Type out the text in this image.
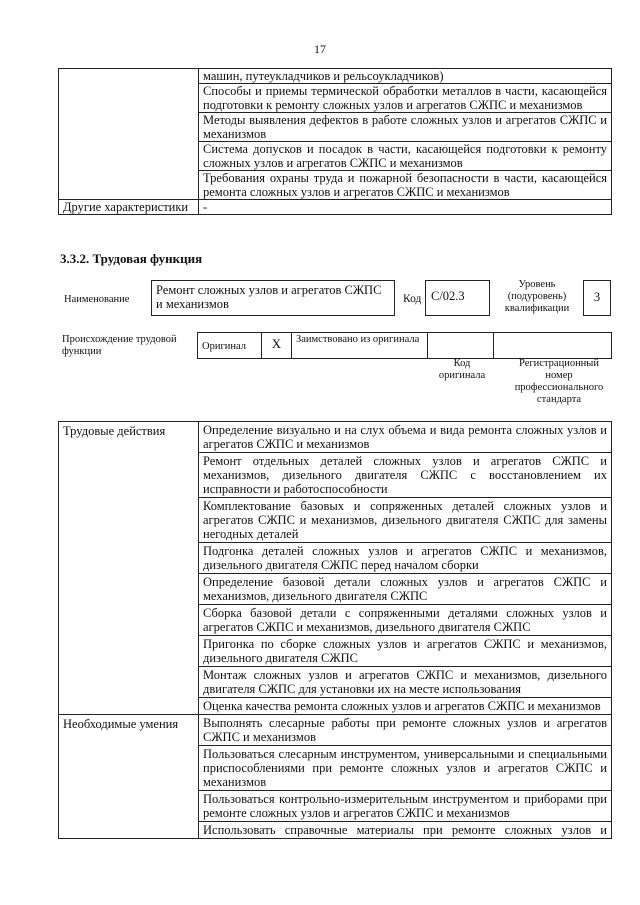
17
	машин, путеукладчиков и рельсоукладчиков)
	Способы и приемы термической обработки металлов в части, касающейся подготовки к ремонту сложных узлов и агрегатов СЖПС и механизмов
	Методы выявления дефектов в работе сложных узлов и агрегатов СЖПС и механизмов
	Система допусков и посадок в части, касающейся подготовки к ремонту сложных узлов и агрегатов СЖПС и механизмов
	Требования охраны труда и пожарной безопасности в части, касающейся ремонта сложных узлов и агрегатов СЖПС и механизмов
Другие характеристики	-
3.3.2. Трудовая функция
Наименование
Ремонт сложных узлов и агрегатов СЖПС и механизмов	Код С/02.3
Уровень (подуровень) квалификации
3
Происхождение трудовой функции	Оригинал	X	Заимствовано из оригинала		
Код оригинала
Регистрационный номер профессионального стандарта
Трудовые действия	Определение визуально и на слух объема и вида ремонта сложных узлов и агрегатов СЖПС и механизмов
	Ремонт отдельных деталей сложных узлов и агрегатов СЖПС и механизмов, дизельного двигателя СЖПС с восстановлением их исправности и работоспособности
	Комплектование базовых и сопряженных деталей сложных узлов и агрегатов СЖПС и механизмов, дизельного двигателя СЖПС для замены негодных деталей
	Подгонка деталей сложных узлов и агрегатов СЖПС и механизмов, дизельного двигателя СЖПС перед началом сборки
	Определение базовой детали сложных узлов и агрегатов СЖПС и механизмов, дизельного двигателя СЖПС
	Сборка базовой детали с сопряженными деталями сложных узлов и агрегатов СЖПС и механизмов, дизельного двигателя СЖПС
	Пригонка по сборке сложных узлов и агрегатов СЖПС и механизмов, дизельного двигателя СЖПС
	Монтаж сложных узлов и агрегатов СЖПС и механизмов, дизельного двигателя СЖПС для установки их на месте использования
	Оценка качества ремонта сложных узлов и агрегатов СЖПС и механизмов
Необходимые умения	Выполнять слесарные работы при ремонте сложных узлов и агрегатов СЖПС и механизмов
	Пользоваться слесарным инструментом, универсальными и специальными приспособлениями при ремонте сложных узлов и агрегатов СЖПС и механизмов
	Пользоваться контрольно-измерительным инструментом и приборами при ремонте сложных узлов и агрегатов СЖПС и механизмов
	Использовать справочные материалы при ремонте сложных узлов и
